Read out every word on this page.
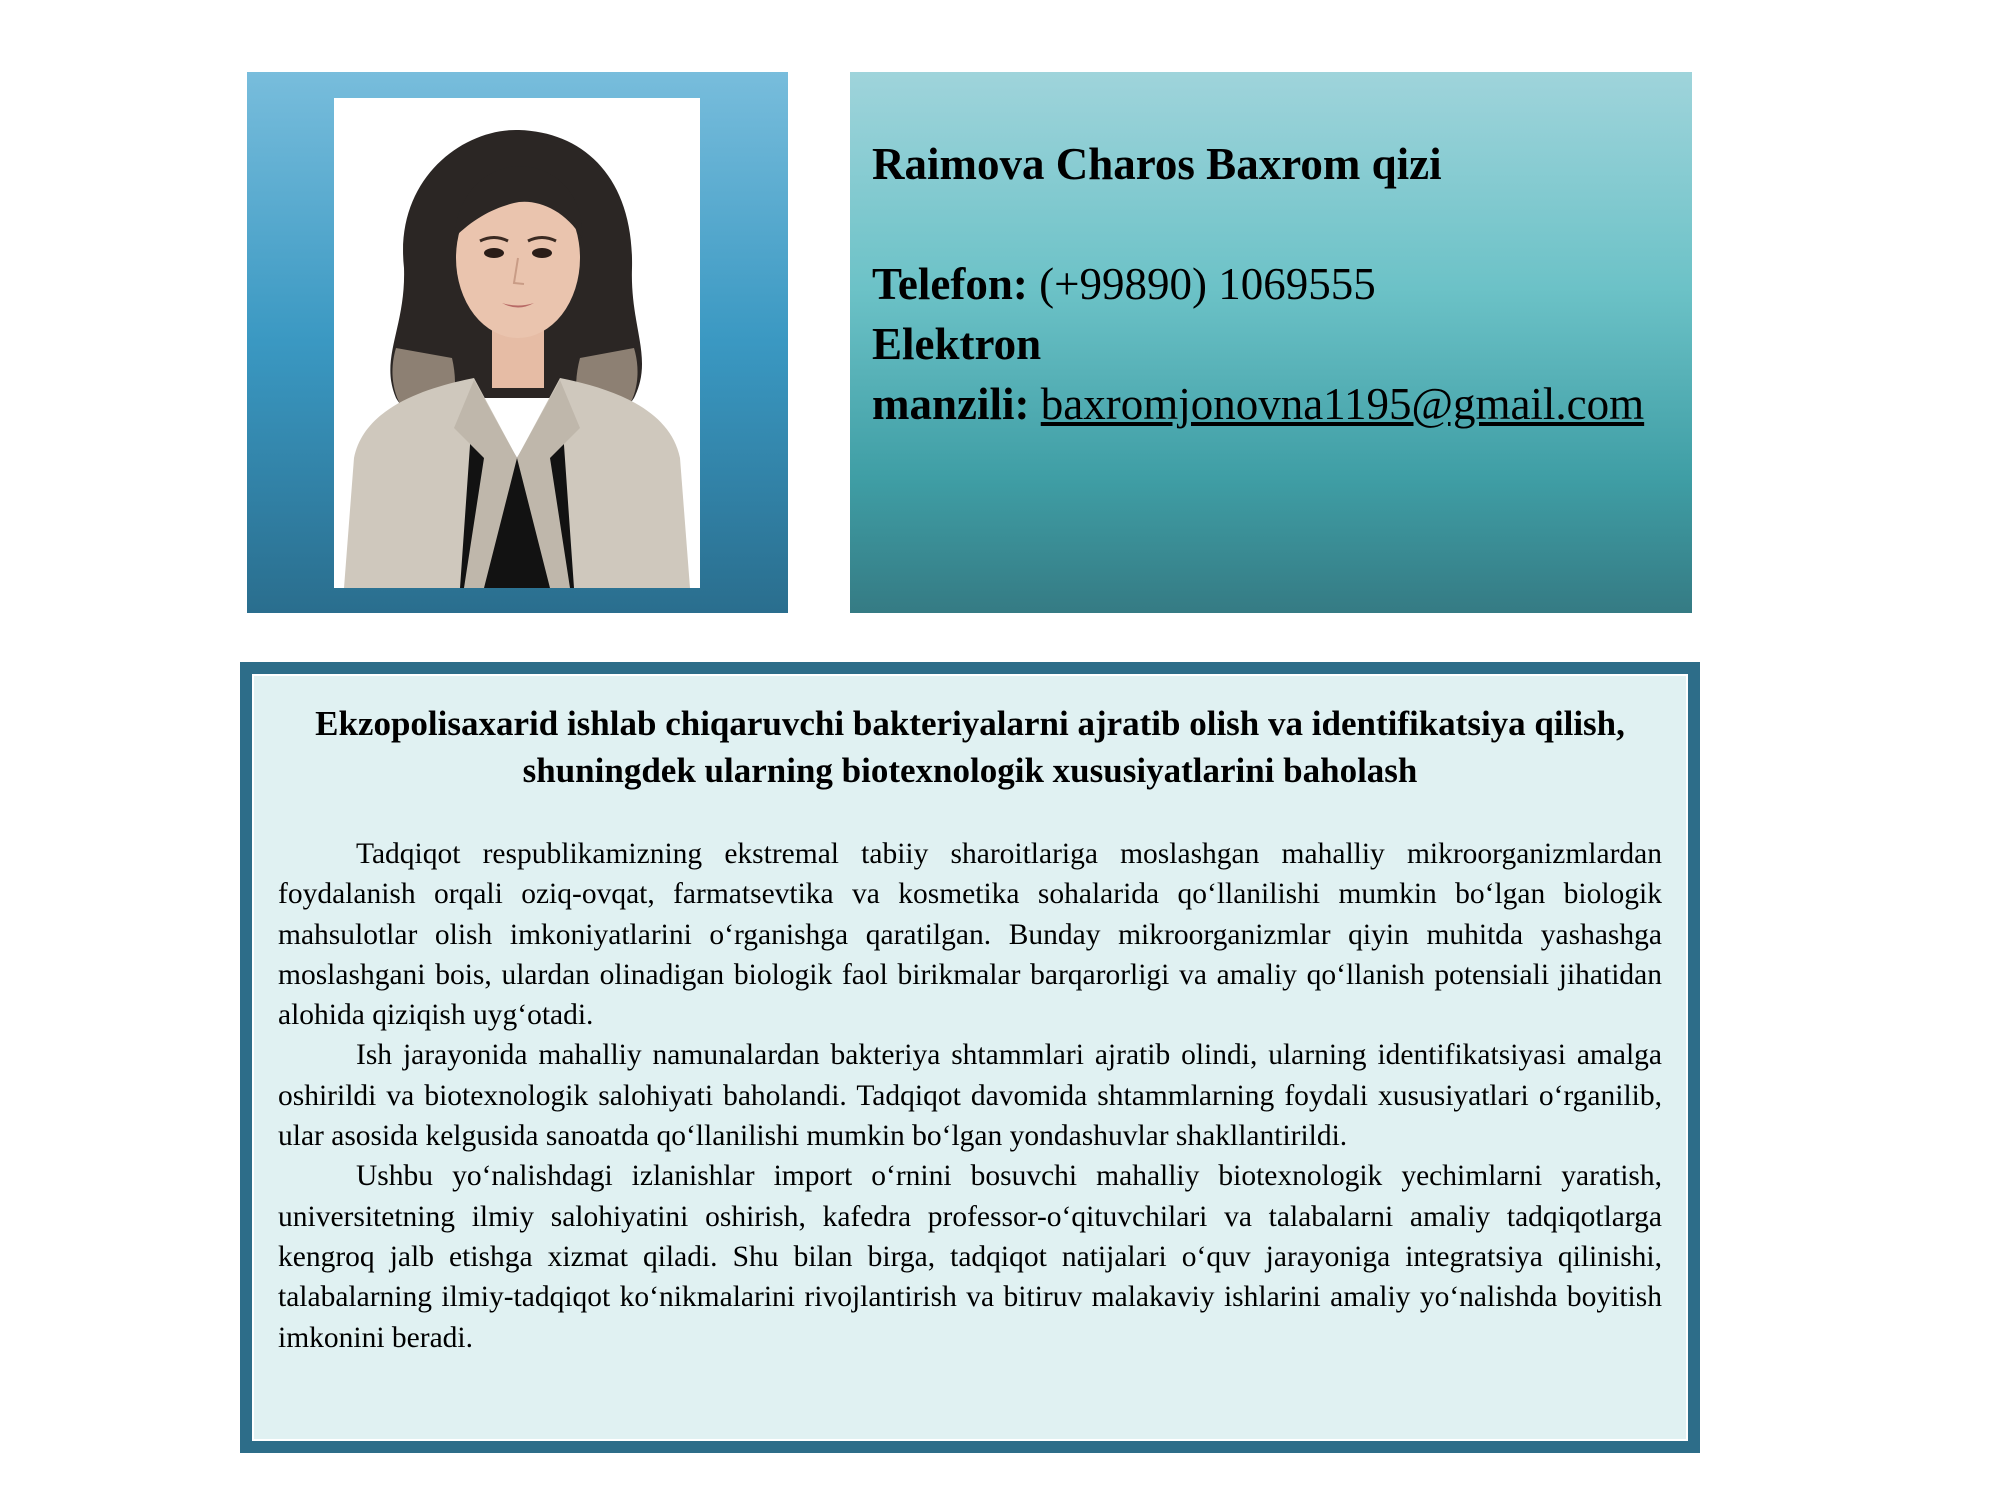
Raimova Charos Baxrom qizi

Telefon: (+99890) 1069555

Elektron

manzili: baxromjonovna1195@gmail.com

Ekzopolisaxarid ishlab chiqaruvchi bakteriyalarni ajratib olish va identifikatsiya qilish, shuningdek ularning biotexnologik xususiyatlarini baholash

Tadqiqot respublikamizning ekstremal tabiiy sharoitlariga moslashgan mahalliy mikroorganizmlardan foydalanish orqali oziq-ovqat, farmatsevtika va kosmetika sohalarida qo‘llanilishi mumkin bo‘lgan biologik mahsulotlar olish imkoniyatlarini o‘rganishga qaratilgan. Bunday mikroorganizmlar qiyin muhitda yashashga moslashgani bois, ulardan olinadigan biologik faol birikmalar barqarorligi va amaliy qo‘llanish potensiali jihatidan alohida qiziqish uyg‘otadi.

Ish jarayonida mahalliy namunalardan bakteriya shtammlari ajratib olindi, ularning identifikatsiyasi amalga oshirildi va biotexnologik salohiyati baholandi. Tadqiqot davomida shtammlarning foydali xususiyatlari o‘rganilib, ular asosida kelgusida sanoatda qo‘llanilishi mumkin bo‘lgan yondashuvlar shakllantirildi.

Ushbu yo‘nalishdagi izlanishlar import o‘rnini bosuvchi mahalliy biotexnologik yechimlarni yaratish, universitetning ilmiy salohiyatini oshirish, kafedra professor-o‘qituvchilari va talabalarni amaliy tadqiqotlarga kengroq jalb etishga xizmat qiladi. Shu bilan birga, tadqiqot natijalari o‘quv jarayoniga integratsiya qilinishi, talabalarning ilmiy-tadqiqot ko‘nikmalarini rivojlantirish va bitiruv malakaviy ishlarini amaliy yo‘nalishda boyitish imkonini beradi.
